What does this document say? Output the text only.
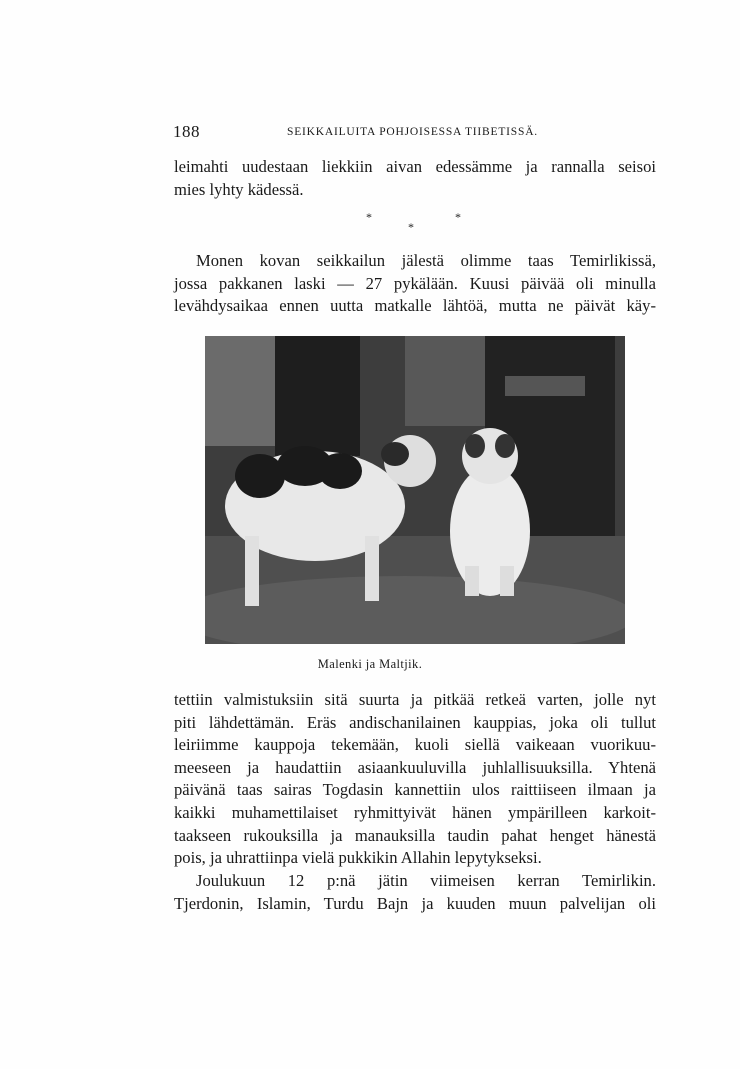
188	SEIKKAILUITA POHJOISESSA TIIBETISSÄ.
leimahti uudestaan liekkiin aivan edessämme ja rannalla seisoi
mies lyhty kädessä.
*
*
*
Monen kovan seikkailun jälestä olimme taas Temirlikissä,
jossa pakkanen laski — 27 pykälään. Kuusi päivää oli minulla
levähdysaikaa ennen uutta matkalle lähtöä, mutta ne päivät käy-
Malenki ja Maltjik.
tettiin valmistuksiin sitä suurta ja pitkää retkeä varten, jolle nyt
piti lähdettämän. Eräs andischanilainen kauppias, joka oli tullut
leiriimme kauppoja tekemään, kuoli siellä vaikeaan vuorikuu-
meeseen ja haudattiin asiaankuuluvilla juhlallisuuksilla. Yhtenä
päivänä taas sairas Togdasin kannettiin ulos raittiiseen ilmaan ja
kaikki muhamettilaiset ryhmittyivät hänen ympärilleen karkoit-
taakseen rukouksilla ja manauksilla taudin pahat henget hänestä
pois, ja uhrattiinpa vielä pukkikin Allahin lepytykseksi.
Joulukuun 12 p:nä jätin viimeisen kerran Temirlikin.
Tjerdonin, Islamin, Turdu Bajn ja kuuden muun palvelijan oli
